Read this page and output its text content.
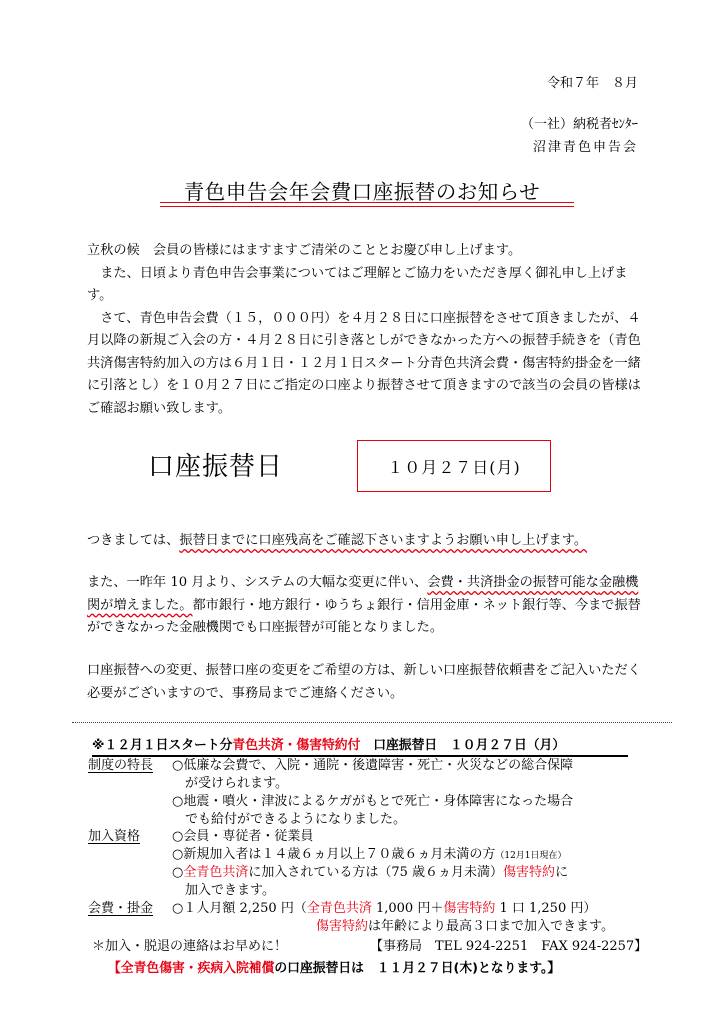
令和７年　８月
（一社）納税者ｾﾝﾀｰ
沼津青色申告会
青色申告会年会費口座振替のお知らせ

立秋の候　会員の皆様にはますますご清栄のこととお慶び申し上げます。

また、日頃より青色申告会事業についてはご理解とご協力をいただき厚く御礼申し上げます。

さて、青色申告会費（１５，０００円）を４月２８日に口座振替をさせて頂きましたが、４月以降の新規ご入会の方・４月２８日に引き落としができなかった方への振替手続きを（青色共済傷害特約加入の方は６月１日・１２月１日スタート分青色共済会費・傷害特約掛金を一緒に引落とし）を１０月２７日にご指定の口座より振替させて頂きますので該当の会員の皆様はご確認お願い致します。

口座振替日	１０月２７日(月)

つきましては、振替日までに口座残高をご確認下さいますようお願い申し上げます。

また、一昨年 10 月より、システムの大幅な変更に伴い、会費・共済掛金の振替可能な金融機関が増えました。都市銀行・地方銀行・ゆうちょ銀行・信用金庫・ネット銀行等、今まで振替ができなかった金融機関でも口座振替が可能となりました。

口座振替への変更、振替口座の変更をご希望の方は、新しい口座振替依頼書をご記入いただく必要がございますので、事務局までご連絡ください。

※１２月１日スタート分青色共済・傷害特約付　口座振替日　１０月２７日（月）
制度の特長 ○低廉な会費で、入院・通院・後遺障害・死亡・火災などの総合保障
　が受けられます。
○地震・噴火・津波によるケガがもとで死亡・身体障害になった場合
　でも給付ができるようになりました。
加入資格 ○会員・専従者・従業員
○新規加入者は１４歳６ヵ月以上７０歳６ヵ月未満の方（12月1日現在）
○全青色共済に加入されている方は（75 歳６ヵ月未満）傷害特約に
　加入できます。
会費・掛金 ○１人月額 2,250 円（全青色共済 1,000 円＋傷害特約 1 口 1,250 円）
傷害特約は年齢により最高３口まで加入できます。
＊加入・脱退の連絡はお早めに！	【事務局　TEL 924-2251　FAX 924-2257】
【全青色傷害・疾病入院補償の口座振替日は　１１月２７日(木)となります。】
